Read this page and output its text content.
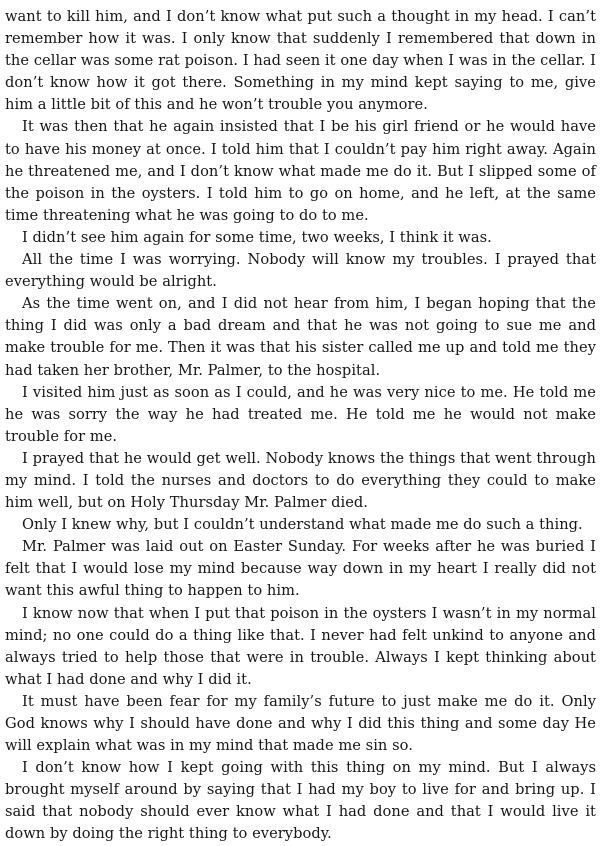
want to kill him, and I don’t know what put such a thought in my head. I can’t remember how it was. I only know that suddenly I remembered that down in the cellar was some rat poison. I had seen it one day when I was in the cellar. I don’t know how it got there. Something in my mind kept saying to me, give him a little bit of this and he won’t trouble you anymore.

It was then that he again insisted that I be his girl friend or he would have to have his money at once. I told him that I couldn’t pay him right away. Again he threatened me, and I don’t know what made me do it. But I slipped some of the poison in the oysters. I told him to go on home, and he left, at the same time threatening what he was going to do to me.

I didn’t see him again for some time, two weeks, I think it was.

All the time I was worrying. Nobody will know my troubles. I prayed that everything would be alright.

As the time went on, and I did not hear from him, I began hoping that the thing I did was only a bad dream and that he was not going to sue me and make trouble for me. Then it was that his sister called me up and told me they had taken her brother, Mr. Palmer, to the hospital.

I visited him just as soon as I could, and he was very nice to me. He told me he was sorry the way he had treated me. He told me he would not make trouble for me.

I prayed that he would get well. Nobody knows the things that went through my mind. I told the nurses and doctors to do everything they could to make him well, but on Holy Thursday Mr. Palmer died.

Only I knew why, but I couldn’t understand what made me do such a thing.

Mr. Palmer was laid out on Easter Sunday. For weeks after he was buried I felt that I would lose my mind because way down in my heart I really did not want this awful thing to happen to him.

I know now that when I put that poison in the oysters I wasn’t in my normal mind; no one could do a thing like that. I never had felt unkind to anyone and always tried to help those that were in trouble. Always I kept thinking about what I had done and why I did it.

It must have been fear for my family’s future to just make me do it. Only God knows why I should have done and why I did this thing and some day He will explain what was in my mind that made me sin so.

I don’t know how I kept going with this thing on my mind. But I always brought myself around by saying that I had my boy to live for and bring up. I said that nobody should ever know what I had done and that I would live it down by doing the right thing to everybody.
